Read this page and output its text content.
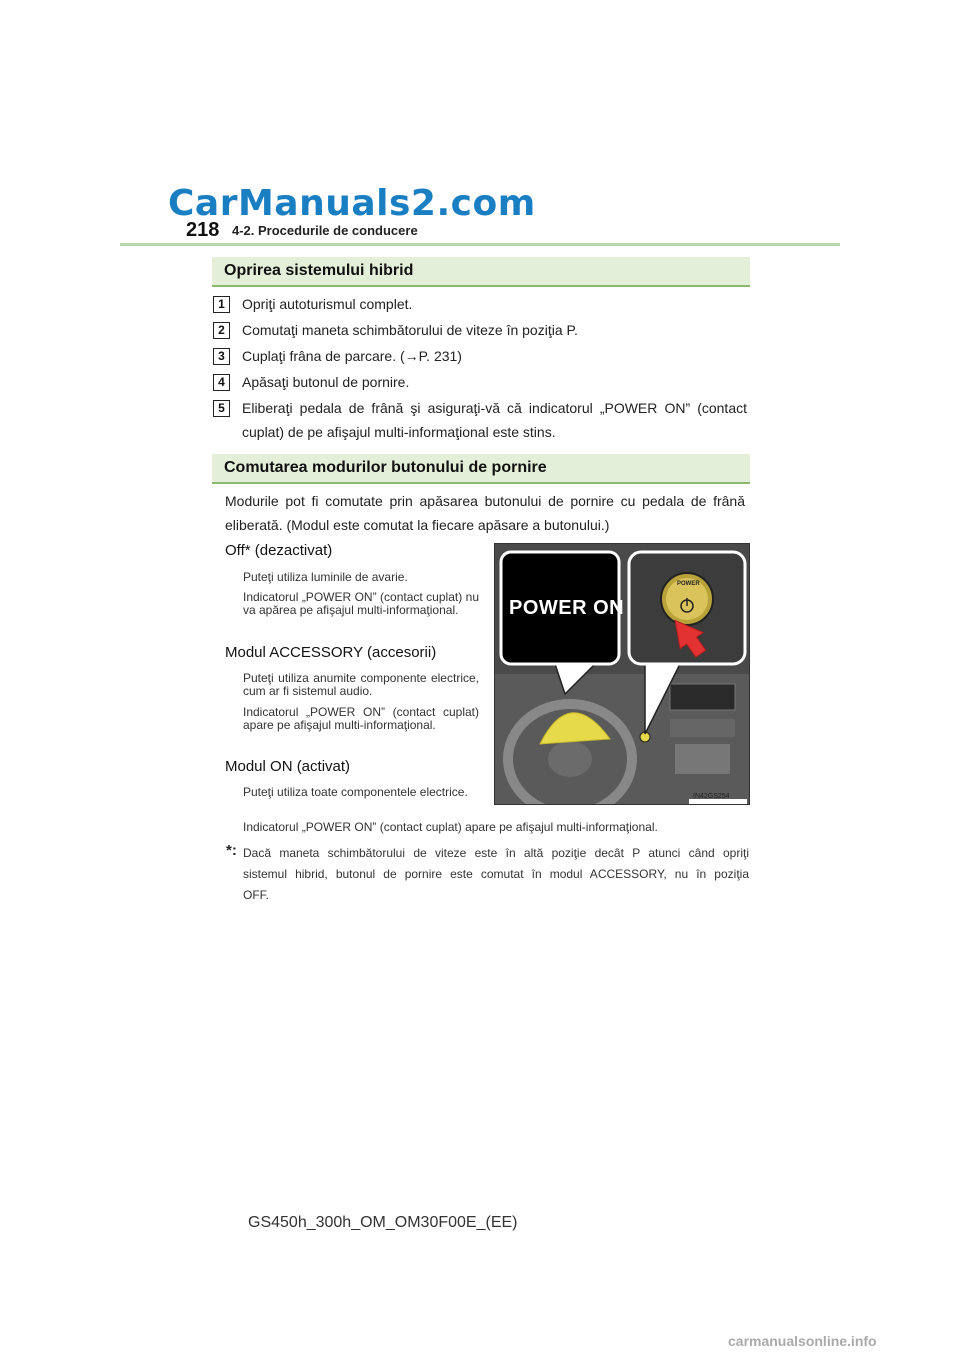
CarManuals2.com
218 4-2. Procedurile de conducere
Oprirea sistemului hibrid
1	Opriţi autoturismul complet.
2	Comutaţi maneta schimbătorului de viteze în poziţia P.
3	Cuplaţi frâna de parcare. (→P. 231)
4	Apăsaţi butonul de pornire.
5	Eliberaţi pedala de frână şi asiguraţi-vă că indicatorul „POWER ON” (contact
cuplat) de pe afişajul multi-informaţional este stins.
Comutarea modurilor butonului de pornire
Modurile pot fi comutate prin apăsarea butonului de pornire cu pedala de frână
eliberată. (Modul este comutat la fiecare apăsare a butonului.)
Off* (dezactivat)
Puteţi utiliza luminile de avarie.
Indicatorul „POWER ON” (contact cuplat) nu va apărea pe afişajul multi-informaţional.
Modul ACCESSORY (accesorii)
Puteţi utiliza anumite componente electrice, cum ar fi sistemul audio.
Indicatorul „POWER ON” (contact cuplat) apare pe afişajul multi-informaţional.
Modul ON (activat)
Puteţi utiliza toate componentele electrice.
Indicatorul „POWER ON” (contact cuplat) apare pe afişajul multi-informaţional.
POWER ON
POWER
IN42GS254
*: Dacă maneta schimbătorului de viteze este în altă poziţie decât P atunci când opriţi
sistemul hibrid, butonul de pornire este comutat în modul ACCESSORY, nu în poziţia
OFF.
GS450h_300h_OM_OM30F00E_(EE)
carmanualsonline.info
